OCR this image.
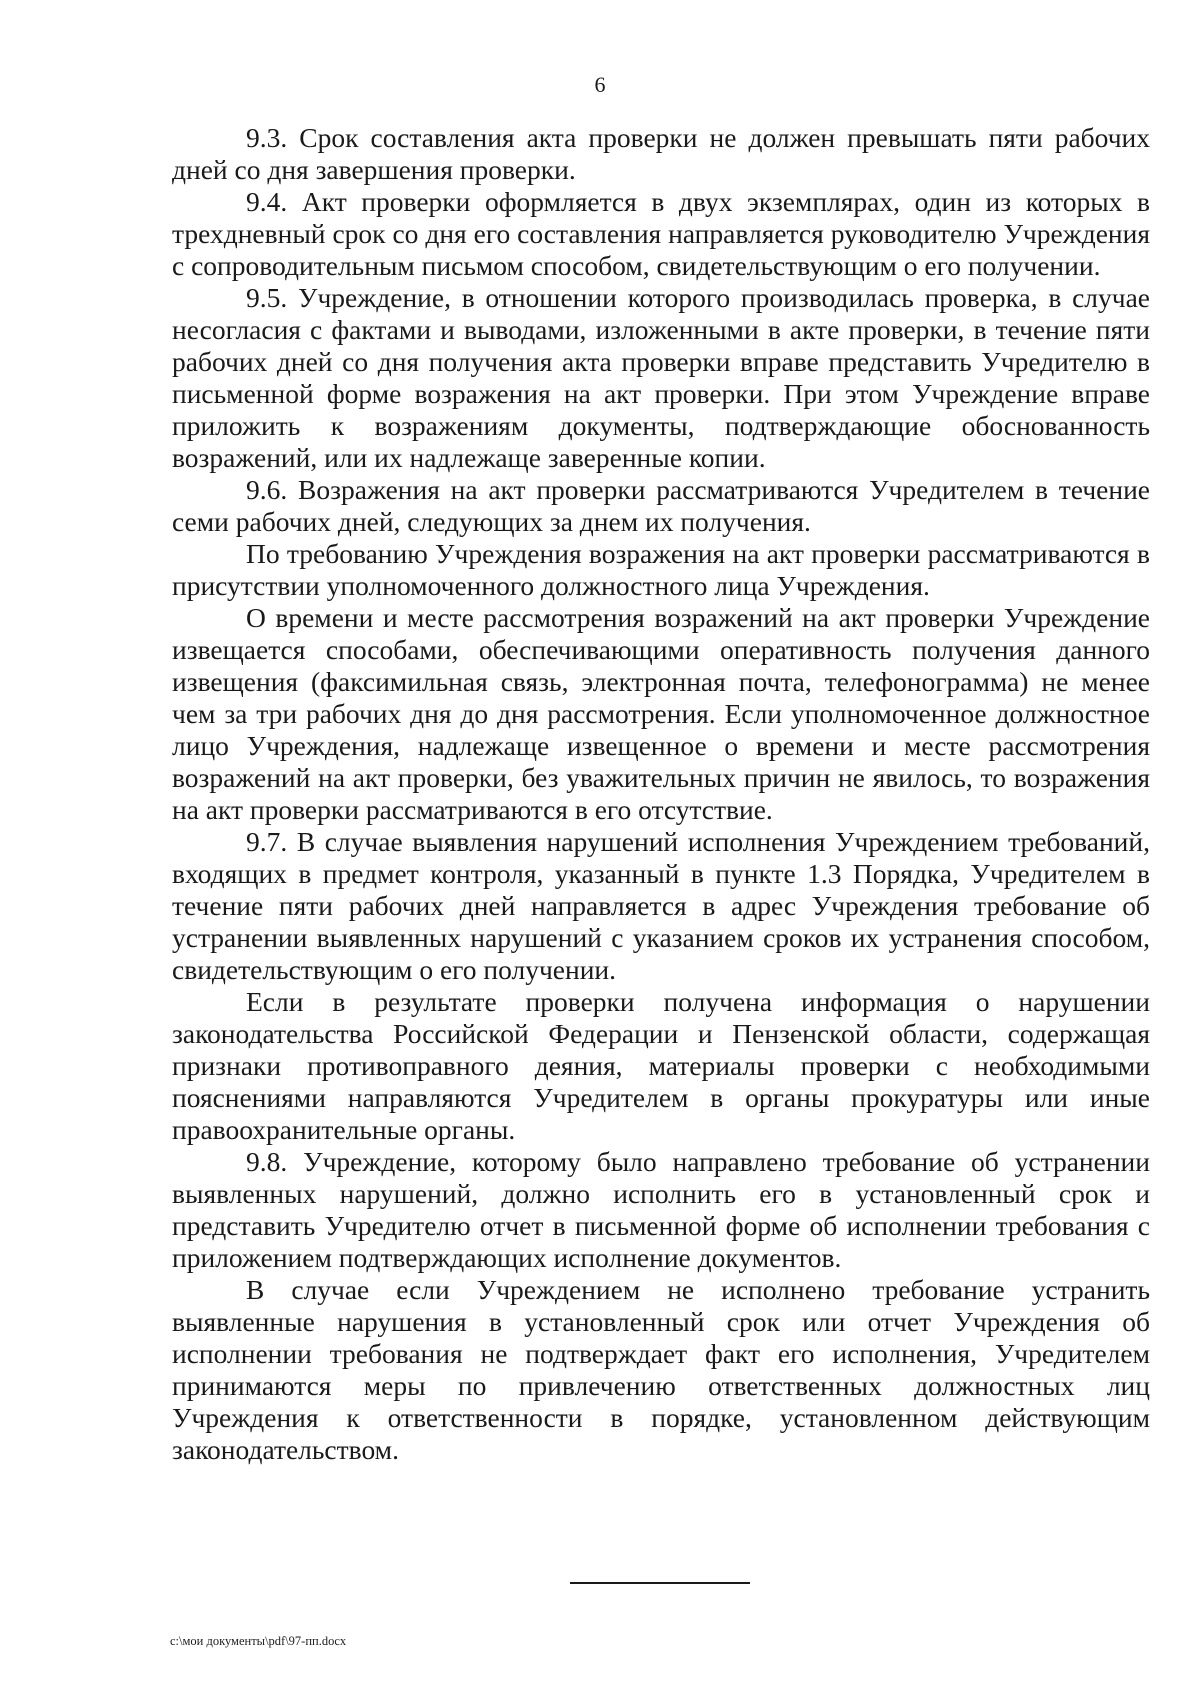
6

9.3. Срок составления акта проверки не должен превышать пяти рабочих дней со дня завершения проверки.

9.4. Акт проверки оформляется в двух экземплярах, один из которых в трехдневный срок со дня его составления направляется руководителю Учреждения с сопроводительным письмом способом, свидетельствующим о его получении.

9.5. Учреждение, в отношении которого производилась проверка, в случае несогласия с фактами и выводами, изложенными в акте проверки, в течение пяти рабочих дней со дня получения акта проверки вправе представить Учредителю в письменной форме возражения на акт проверки. При этом Учреждение вправе приложить к возражениям документы, подтверждающие обоснованность возражений, или их надлежаще заверенные копии.

9.6. Возражения на акт проверки рассматриваются Учредителем в течение семи рабочих дней, следующих за днем их получения.

По требованию Учреждения возражения на акт проверки рассматриваются в присутствии уполномоченного должностного лица Учреждения.

О времени и месте рассмотрения возражений на акт проверки Учреждение извещается способами, обеспечивающими оперативность получения данного извещения (факсимильная связь, электронная почта, телефонограмма) не менее чем за три рабочих дня до дня рассмотрения. Если уполномоченное должностное лицо Учреждения, надлежаще извещенное о времени и месте рассмотрения возражений на акт проверки, без уважительных причин не явилось, то возражения на акт проверки рассматриваются в его отсутствие.

9.7. В случае выявления нарушений исполнения Учреждением требований, входящих в предмет контроля, указанный в пункте 1.3 Порядка, Учредителем в течение пяти рабочих дней направляется в адрес Учреждения требование об устранении выявленных нарушений с указанием сроков их устранения способом, свидетельствующим о его получении.

Если в результате проверки получена информация о нарушении законодательства Российской Федерации и Пензенской области, содержащая признаки противоправного деяния, материалы проверки с необходимыми пояснениями направляются Учредителем в органы прокуратуры или иные правоохранительные органы.

9.8. Учреждение, которому было направлено требование об устранении выявленных нарушений, должно исполнить его в установленный срок и представить Учредителю отчет в письменной форме об исполнении требования с приложением подтверждающих исполнение документов.

В случае если Учреждением не исполнено требование устранить выявленные нарушения в установленный срок или отчет Учреждения об исполнении требования не подтверждает факт его исполнения, Учредителем принимаются меры по привлечению ответственных должностных лиц Учреждения к ответственности в порядке, установленном действующим законодательством.

c:\мои документы\pdf\97-пп.docx
